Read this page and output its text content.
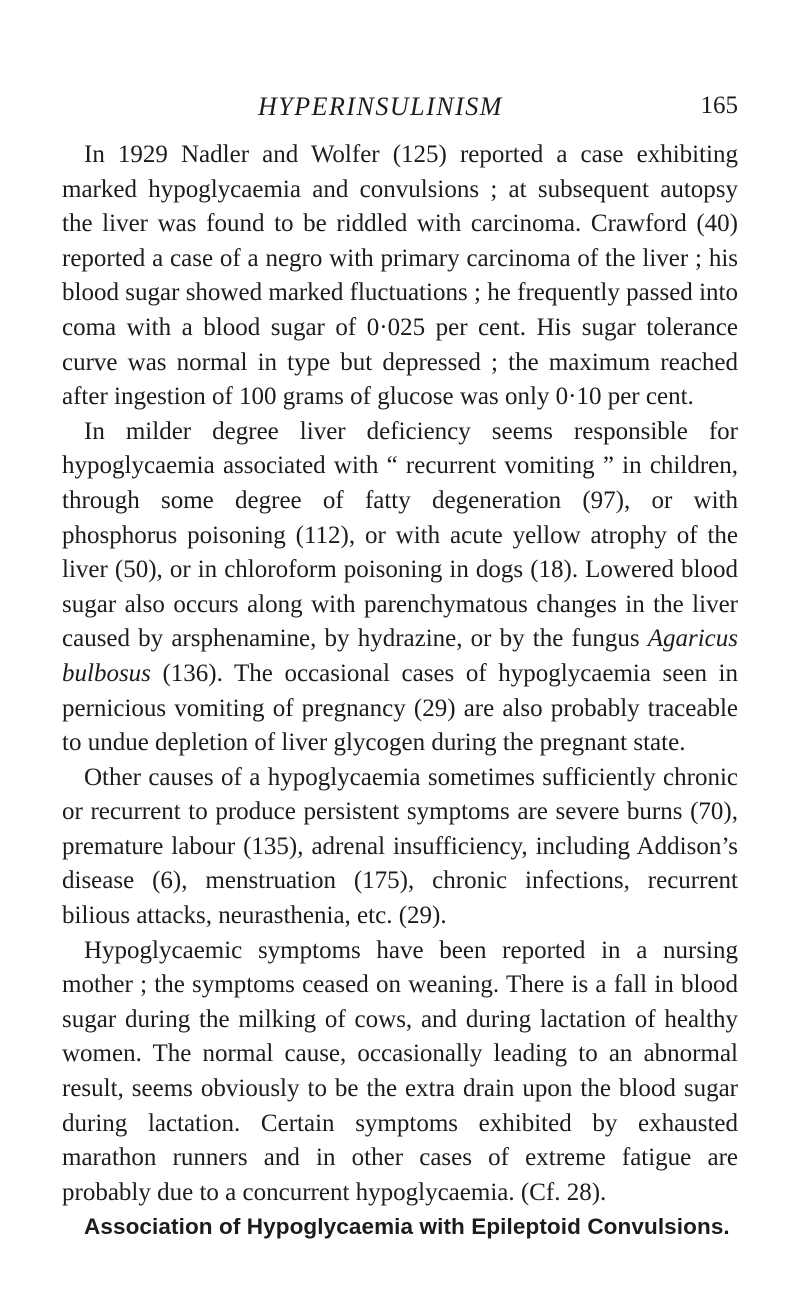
HYPERINSULINISM	165

In 1929 Nadler and Wolfer (125) reported a case exhibiting marked hypoglycaemia and convulsions ; at subsequent autopsy the liver was found to be riddled with carcinoma. Crawford (40) reported a case of a negro with primary carcinoma of the liver ; his blood sugar showed marked fluctuations ; he frequently passed into coma with a blood sugar of 0·025 per cent. His sugar tolerance curve was normal in type but depressed ; the maximum reached after ingestion of 100 grams of glucose was only 0·10 per cent.

In milder degree liver deficiency seems responsible for hypoglycaemia associated with “ recurrent vomiting ” in children, through some degree of fatty degeneration (97), or with phosphorus poisoning (112), or with acute yellow atrophy of the liver (50), or in chloroform poisoning in dogs (18). Lowered blood sugar also occurs along with parenchymatous changes in the liver caused by arsphenamine, by hydrazine, or by the fungus Agaricus bulbosus (136). The occasional cases of hypoglycaemia seen in pernicious vomiting of pregnancy (29) are also probably traceable to undue depletion of liver glycogen during the pregnant state.

Other causes of a hypoglycaemia sometimes sufficiently chronic or recurrent to produce persistent symptoms are severe burns (70), premature labour (135), adrenal insufficiency, including Addison’s disease (6), menstruation (175), chronic infections, recurrent bilious attacks, neurasthenia, etc. (29).

Hypoglycaemic symptoms have been reported in a nursing mother ; the symptoms ceased on weaning. There is a fall in blood sugar during the milking of cows, and during lactation of healthy women. The normal cause, occasionally leading to an abnormal result, seems obviously to be the extra drain upon the blood sugar during lactation. Certain symptoms exhibited by exhausted marathon runners and in other cases of extreme fatigue are probably due to a concurrent hypoglycaemia. (Cf. 28).

Association of Hypoglycaemia with Epileptoid Convulsions.
